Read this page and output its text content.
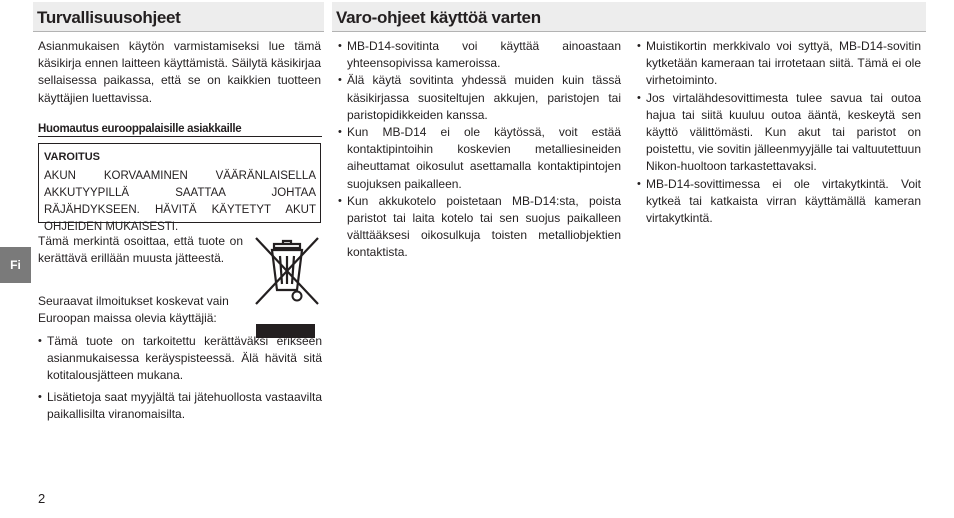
Turvallisuusohjeet	Varo-ohjeet käyttöä varten

Asianmukaisen käytön varmistamiseksi lue tämä käsikirja ennen laitteen käyttämistä. Säilytä käsikirjaa sellaisessa paikassa, että se on kaikkien tuotteen käyttäjien luettavissa.

Huomautus eurooppalaisille asiakkaille
VAROITUS
AKUN KORVAAMINEN VÄÄRÄNLAISELLA AKKUTYYPILLÄ SAATTAA JOHTAA RÄJÄHDYKSEEN. HÄVITÄ KÄYTETYT AKUT OHJEIDEN MUKAISESTI.

Tämä merkintä osoittaa, että tuote on kerättävä erillään muusta jätteestä.

Seuraavat ilmoitukset koskevat vain Euroopan maissa olevia käyttäjiä:

• Tämä tuote on tarkoitettu kerättäväksi erikseen asianmukaisessa keräyspisteessä. Älä hävitä sitä kotitalousjätteen mukana.
• Lisätietoja saat myyjältä tai jätehuollosta vastaavilta paikallisilta viranomaisilta.
• MB-D14-sovitinta voi käyttää ainoastaan yhteensopivissa kameroissa.
• Älä käytä sovitinta yhdessä muiden kuin tässä käsikirjassa suositeltujen akkujen, paristojen tai paristopidikkeiden kanssa.
• Kun MB-D14 ei ole käytössä, voit estää kontaktipintoihin koskevien metalliesineiden aiheuttamat oikosulut asettamalla kontaktipintojen suojuksen paikalleen.
• Kun akkukotelo poistetaan MB-D14:sta, poista paristot tai laita kotelo tai sen suojus paikalleen välttääksesi oikosulkuja toisten metalliobjektien kontaktista.
• Muistikortin merkkivalo voi syttyä, MB-D14-sovitin kytketään kameraan tai irrotetaan siitä. Tämä ei ole virhetoiminto.
• Jos virtalähdesovittimesta tulee savua tai outoa hajua tai siitä kuuluu outoa ääntä, keskeytä sen käyttö välittömästi. Kun akut tai paristot on poistettu, vie sovitin jälleenmyyjälle tai valtuutettuun Nikon-huoltoon tarkastettavaksi.
• MB-D14-sovittimessa ei ole virtakytkintä. Voit kytkeä tai katkaista virran käyttämällä kameran virtakytkintä.
Fi
2
